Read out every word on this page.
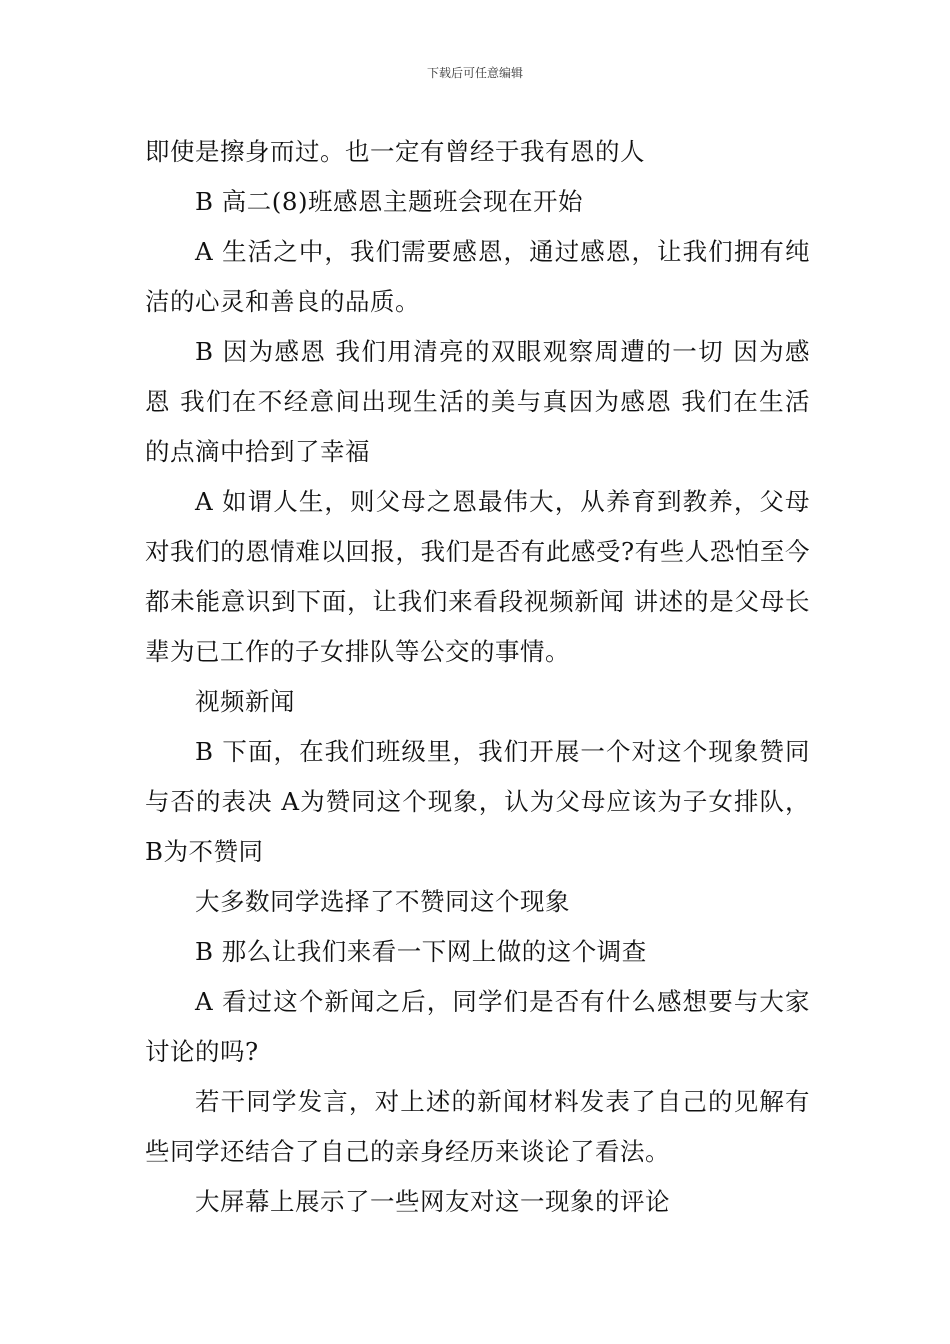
下载后可任意编辑

即使是擦身而过。也一定有曾经于我有恩的人

B 高二(8)班感恩主题班会现在开始

A 生活之中，我们需要感恩，通过感恩，让我们拥有纯洁的心灵和善良的品质。

B 因为感恩 我们用清亮的双眼观察周遭的一切 因为感恩 我们在不经意间出现生活的美与真因为感恩 我们在生活的点滴中拾到了幸福

A 如谓人生，则父母之恩最伟大，从养育到教养，父母对我们的恩情难以回报，我们是否有此感受?有些人恐怕至今都未能意识到下面，让我们来看段视频新闻 讲述的是父母长辈为已工作的子女排队等公交的事情。

视频新闻

B 下面，在我们班级里，我们开展一个对这个现象赞同与否的表决 A为赞同这个现象，认为父母应该为子女排队，B为不赞同

大多数同学选择了不赞同这个现象

B 那么让我们来看一下网上做的这个调查

A 看过这个新闻之后，同学们是否有什么感想要与大家讨论的吗?

若干同学发言，对上述的新闻材料发表了自己的见解有些同学还结合了自己的亲身经历来谈论了看法。

大屏幕上展示了一些网友对这一现象的评论
